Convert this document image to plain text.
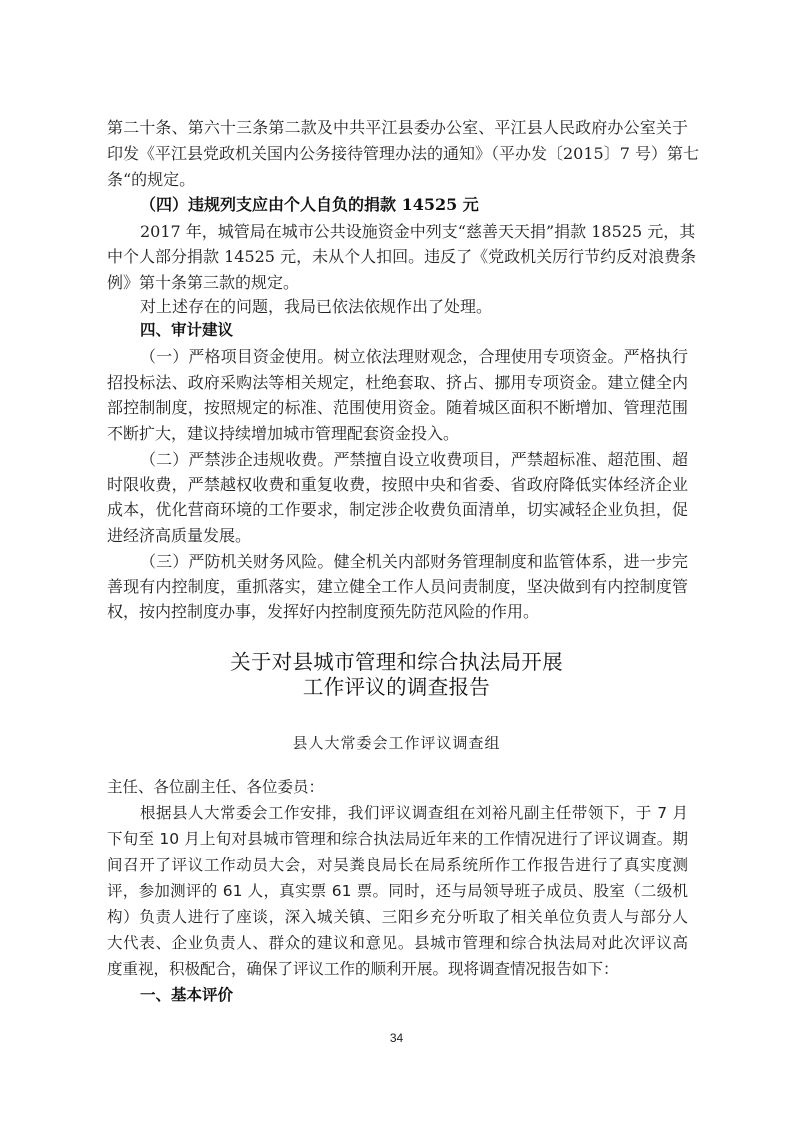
第二十条、第六十三条第二款及中共平江县委办公室、平江县人民政府办公室关于
印发《平江县党政机关国内公务接待管理办法的通知》（平办发〔2015〕7 号）第七
条“的规定。
（四）违规列支应由个人自负的捐款 14525 元
2017 年，城管局在城市公共设施资金中列支“慈善天天捐”捐款 18525 元，其
中个人部分捐款 14525 元，未从个人扣回。违反了《党政机关厉行节约反对浪费条
例》第十条第三款的规定。
对上述存在的问题，我局已依法依规作出了处理。
四、审计建议
（一）严格项目资金使用。树立依法理财观念，合理使用专项资金。严格执行
招投标法、政府采购法等相关规定，杜绝套取、挤占、挪用专项资金。建立健全内
部控制制度，按照规定的标准、范围使用资金。随着城区面积不断增加、管理范围
不断扩大，建议持续增加城市管理配套资金投入。
（二）严禁涉企违规收费。严禁擅自设立收费项目，严禁超标准、超范围、超
时限收费，严禁越权收费和重复收费，按照中央和省委、省政府降低实体经济企业
成本，优化营商环境的工作要求，制定涉企收费负面清单，切实减轻企业负担，促
进经济高质量发展。
（三）严防机关财务风险。健全机关内部财务管理制度和监管体系，进一步完
善现有内控制度，重抓落实，建立健全工作人员问责制度，坚决做到有内控制度管
权，按内控制度办事，发挥好内控制度预先防范风险的作用。
关于对县城市管理和综合执法局开展
工作评议的调查报告
县人大常委会工作评议调查组
主任、各位副主任、各位委员：
根据县人大常委会工作安排，我们评议调查组在刘裕凡副主任带领下，于 7 月
下旬至 10 月上旬对县城市管理和综合执法局近年来的工作情况进行了评议调查。期
间召开了评议工作动员大会，对吴粪良局长在局系统所作工作报告进行了真实度测
评，参加测评的 61 人，真实票 61 票。同时，还与局领导班子成员、股室（二级机
构）负责人进行了座谈，深入城关镇、三阳乡充分听取了相关单位负责人与部分人
大代表、企业负责人、群众的建议和意见。县城市管理和综合执法局对此次评议高
度重视，积极配合，确保了评议工作的顺利开展。现将调查情况报告如下：
一、基本评价
34
